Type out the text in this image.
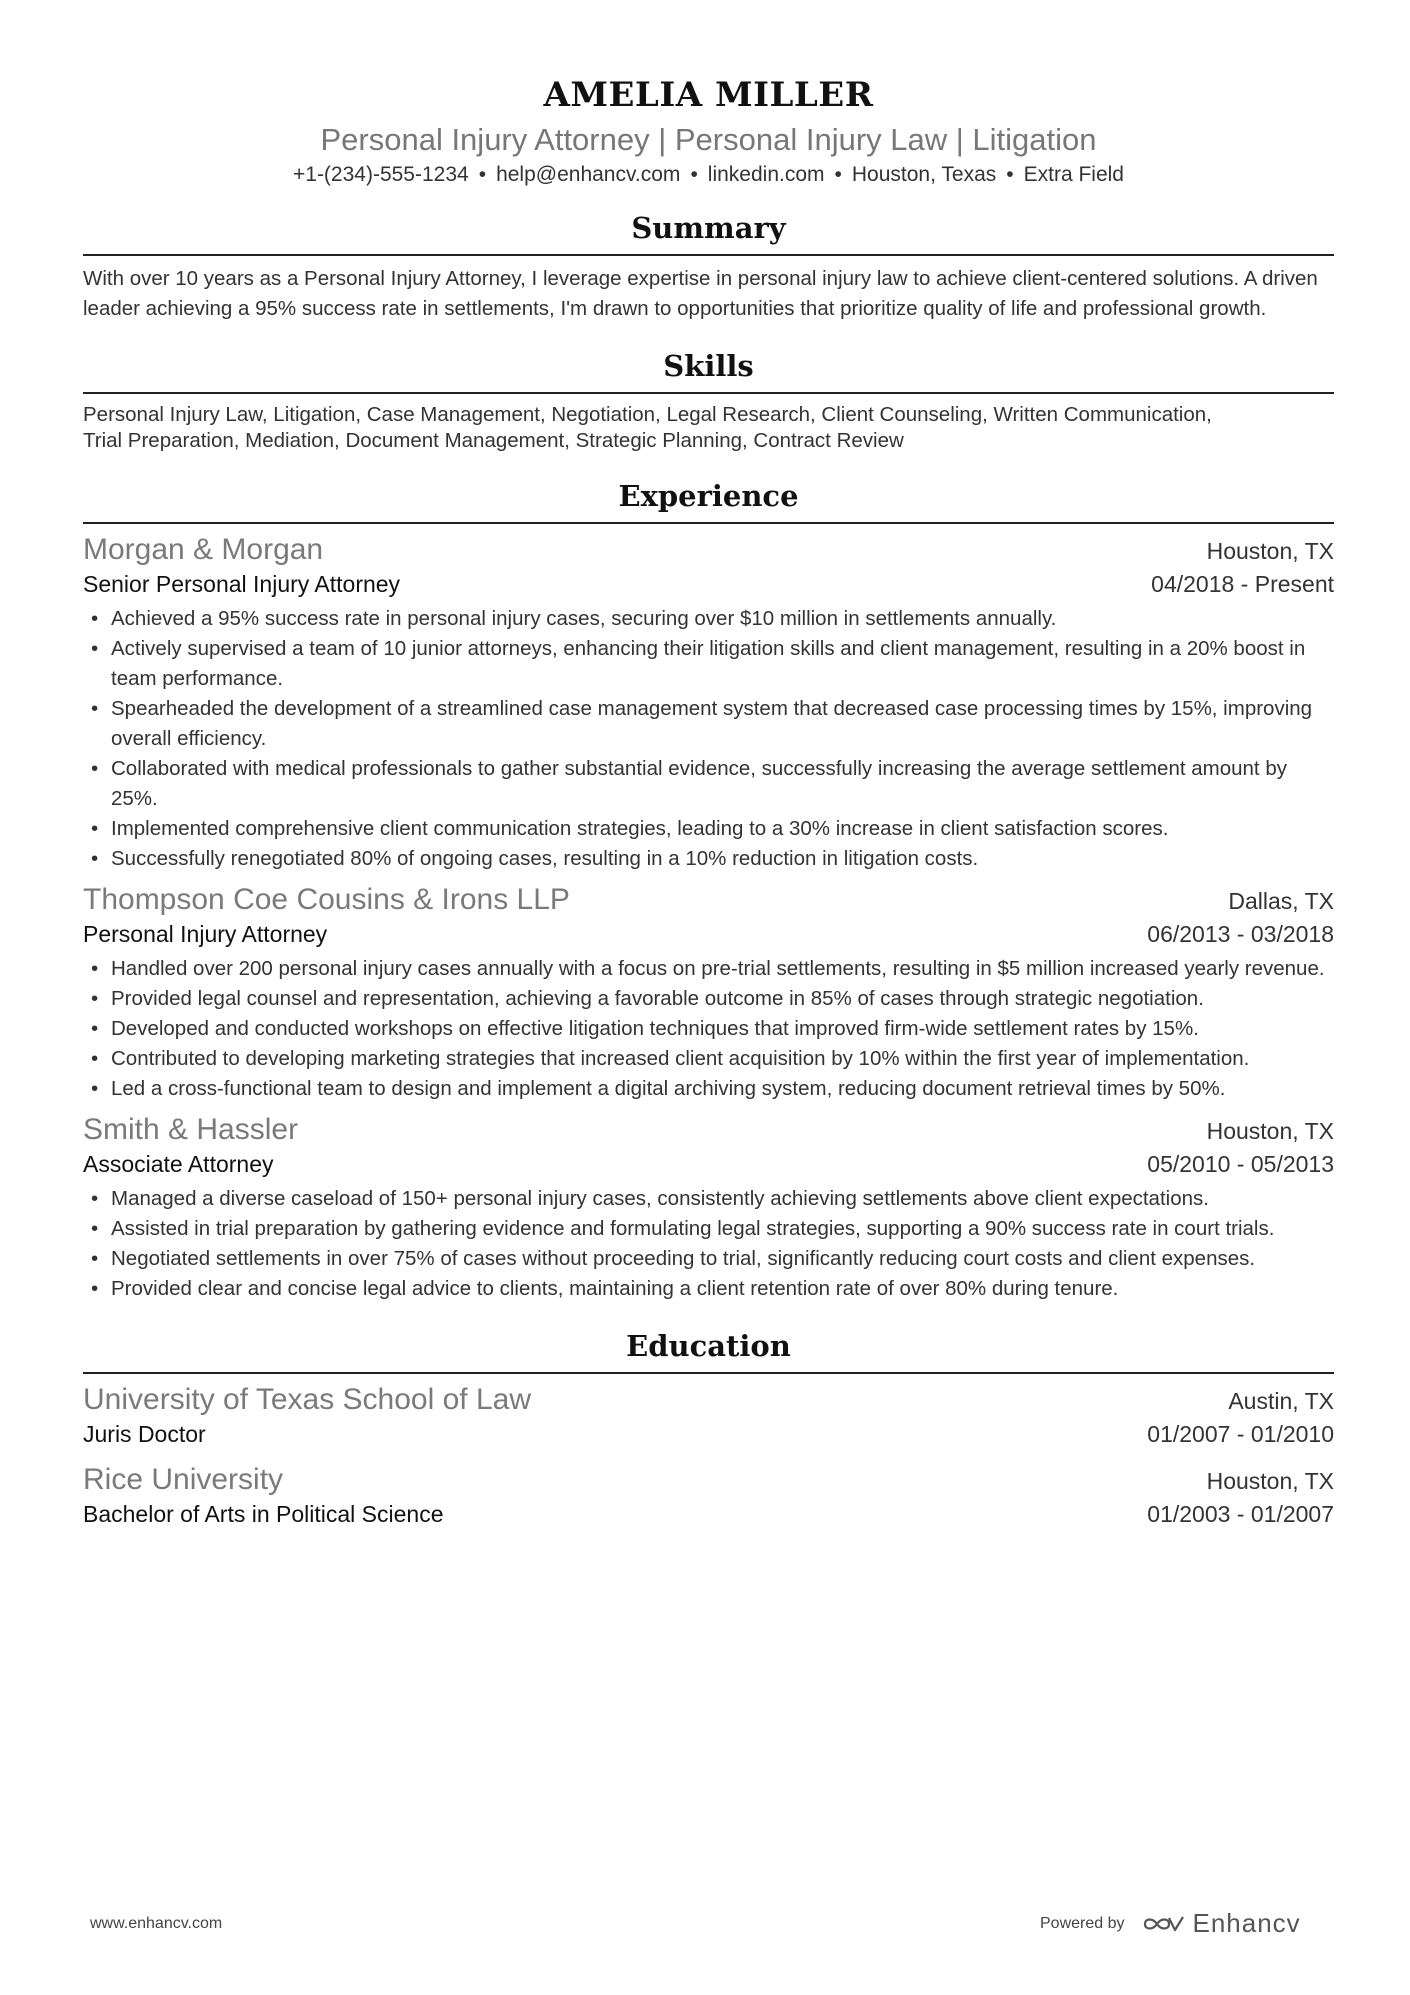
AMELIA MILLER
Personal Injury Attorney | Personal Injury Law | Litigation
+1-(234)-555-1234 • help@enhancv.com • linkedin.com • Houston, Texas • Extra Field
Summary
With over 10 years as a Personal Injury Attorney, I leverage expertise in personal injury law to achieve client-centered solutions. A driven leader achieving a 95% success rate in settlements, I'm drawn to opportunities that prioritize quality of life and professional growth.
Skills
Personal Injury Law, Litigation, Case Management, Negotiation, Legal Research, Client Counseling, Written Communication,
Trial Preparation, Mediation, Document Management, Strategic Planning, Contract Review
Experience
Morgan & Morgan	Houston, TX
Senior Personal Injury Attorney	04/2018 - Present
• Achieved a 95% success rate in personal injury cases, securing over $10 million in settlements annually.
• Actively supervised a team of 10 junior attorneys, enhancing their litigation skills and client management, resulting in a 20% boost in team performance.
• Spearheaded the development of a streamlined case management system that decreased case processing times by 15%, improving overall efficiency.
• Collaborated with medical professionals to gather substantial evidence, successfully increasing the average settlement amount by 25%.
• Implemented comprehensive client communication strategies, leading to a 30% increase in client satisfaction scores.
• Successfully renegotiated 80% of ongoing cases, resulting in a 10% reduction in litigation costs.
Thompson Coe Cousins & Irons LLP	Dallas, TX
Personal Injury Attorney	06/2013 - 03/2018
• Handled over 200 personal injury cases annually with a focus on pre-trial settlements, resulting in $5 million increased yearly revenue.
• Provided legal counsel and representation, achieving a favorable outcome in 85% of cases through strategic negotiation.
• Developed and conducted workshops on effective litigation techniques that improved firm-wide settlement rates by 15%.
• Contributed to developing marketing strategies that increased client acquisition by 10% within the first year of implementation.
• Led a cross-functional team to design and implement a digital archiving system, reducing document retrieval times by 50%.
Smith & Hassler	Houston, TX
Associate Attorney	05/2010 - 05/2013
• Managed a diverse caseload of 150+ personal injury cases, consistently achieving settlements above client expectations.
• Assisted in trial preparation by gathering evidence and formulating legal strategies, supporting a 90% success rate in court trials.
• Negotiated settlements in over 75% of cases without proceeding to trial, significantly reducing court costs and client expenses.
• Provided clear and concise legal advice to clients, maintaining a client retention rate of over 80% during tenure.
Education
University of Texas School of Law	Austin, TX
Juris Doctor	01/2007 - 01/2010
Rice University	Houston, TX
Bachelor of Arts in Political Science	01/2003 - 01/2007
www.enhancv.com	Powered by	Enhancv
